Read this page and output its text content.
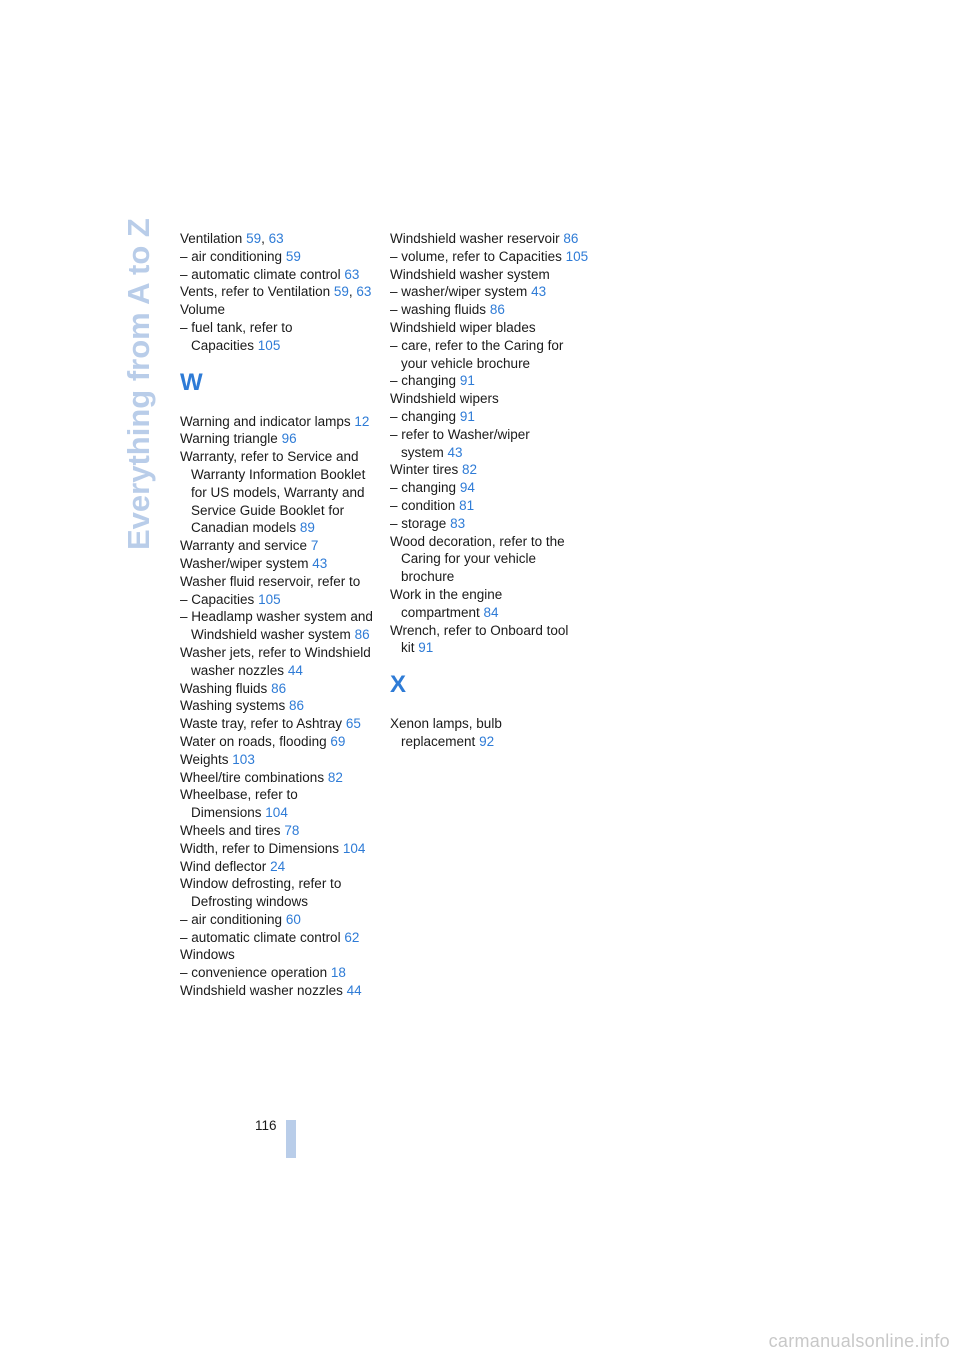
Everything from A to Z Ventilation 59, 63

– air conditioning 59

– automatic climate control 63

Vents, refer to Ventilation 59, 63

Volume

– fuel tank, refer to Capacities 105

W

Warning and indicator lamps 12

Warning triangle 96

Warranty, refer to Service and Warranty Information Booklet for US models, Warranty and Service Guide Booklet for Canadian models 89

Warranty and service 7

Washer/wiper system 43

Washer fluid reservoir, refer to

– Capacities 105

– Headlamp washer system and Windshield washer system 86

Washer jets, refer to Windshield washer nozzles 44

Washing fluids 86

Washing systems 86

Waste tray, refer to Ashtray 65

Water on roads, flooding 69

Weights 103

Wheel/tire combinations 82

Wheelbase, refer to Dimensions 104

Wheels and tires 78

Width, refer to Dimensions 104

Wind deflector 24

Window defrosting, refer to Defrosting windows

– air conditioning 60

– automatic climate control 62

Windows

– convenience operation 18

Windshield washer nozzles 44

Windshield washer reservoir 86

– volume, refer to Capacities 105

Windshield washer system

– washer/wiper system 43

– washing fluids 86

Windshield wiper blades

– care, refer to the Caring for your vehicle brochure

– changing 91

Windshield wipers

– changing 91

– refer to Washer/wiper system 43

Winter tires 82

– changing 94

– condition 81

– storage 83

Wood decoration, refer to the Caring for your vehicle brochure

Work in the engine compartment 84

Wrench, refer to Onboard tool kit 91

X

Xenon lamps, bulb replacement 92

116
carmanualsonline.info
